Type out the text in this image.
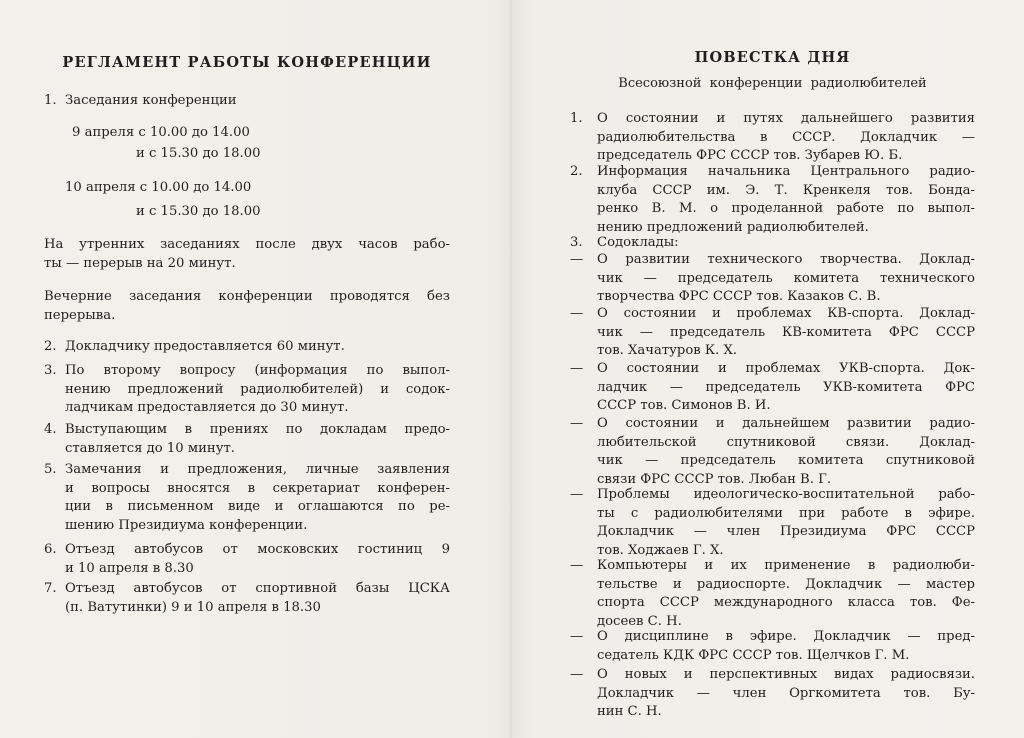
РЕГЛАМЕНТ РАБОТЫ КОНФЕРЕНЦИИ
1. Заседания конференции
9 апреля с 10.00 до 14.00
и с 15.30 до 18.00
10 апреля с 10.00 до 14.00
и с 15.30 до 18.00
На утренних заседаниях после двух часов рабо-
ты — перерыв на 20 минут.
Вечерние заседания конференции проводятся без
перерыва.
2. Докладчику предоставляется 60 минут.
3. По второму вопросу (информация по выпол-
нению предложений радиолюбителей) и содок-
ладчикам предоставляется до 30 минут.
4. Выступающим в прениях по докладам предо-
ставляется до 10 минут.
5. Замечания и предложения, личные заявления
и вопросы вносятся в секретариат конферен-
ции в письменном виде и оглашаются по ре-
шению Президиума конференции.
6. Отъезд автобусов от московских гостиниц 9
и 10 апреля в 8.30
7. Отъезд автобусов от спортивной базы ЦСКА
(п. Ватутинки) 9 и 10 апреля в 18.30
ПОВЕСТКА ДНЯ
Всесоюзной конференции радиолюбителей
1. О состоянии и путях дальнейшего развития
радиолюбительства в СССР. Докладчик —
председатель ФРС СССР тов. Зубарев Ю. Б.
2. Информация начальника Центрального радио-
клуба СССР им. Э. Т. Кренкеля тов. Бонда-
ренко В. М. о проделанной работе по выпол-
нению предложений радиолюбителей.
3. Содоклады:
— О развитии технического творчества. Доклад-
чик — председатель комитета технического
творчества ФРС СССР тов. Казаков С. В.
— О состоянии и проблемах КВ-спорта. Доклад-
чик — председатель КВ-комитета ФРС СССР
тов. Хачатуров К. Х.
— О состоянии и проблемах УКВ-спорта. Док-
ладчик — председатель УКВ-комитета ФРС
СССР тов. Симонов В. И.
— О состоянии и дальнейшем развитии радио-
любительской спутниковой связи. Доклад-
чик — председатель комитета спутниковой
связи ФРС СССР тов. Любан В. Г.
— Проблемы идеологическо-воспитательной рабо-
ты с радиолюбителями при работе в эфире.
Докладчик — член Президиума ФРС СССР
тов. Ходжаев Г. Х.
— Компьютеры и их применение в радиолюби-
тельстве и радиоспорте. Докладчик — мастер
спорта СССР международного класса тов. Фе-
досеев С. Н.
— О дисциплине в эфире. Докладчик — пред-
седатель КДК ФРС СССР тов. Щелчков Г. М.
— О новых и перспективных видах радиосвязи.
Докладчик — член Оргкомитета тов. Бу-
нин С. Н.
